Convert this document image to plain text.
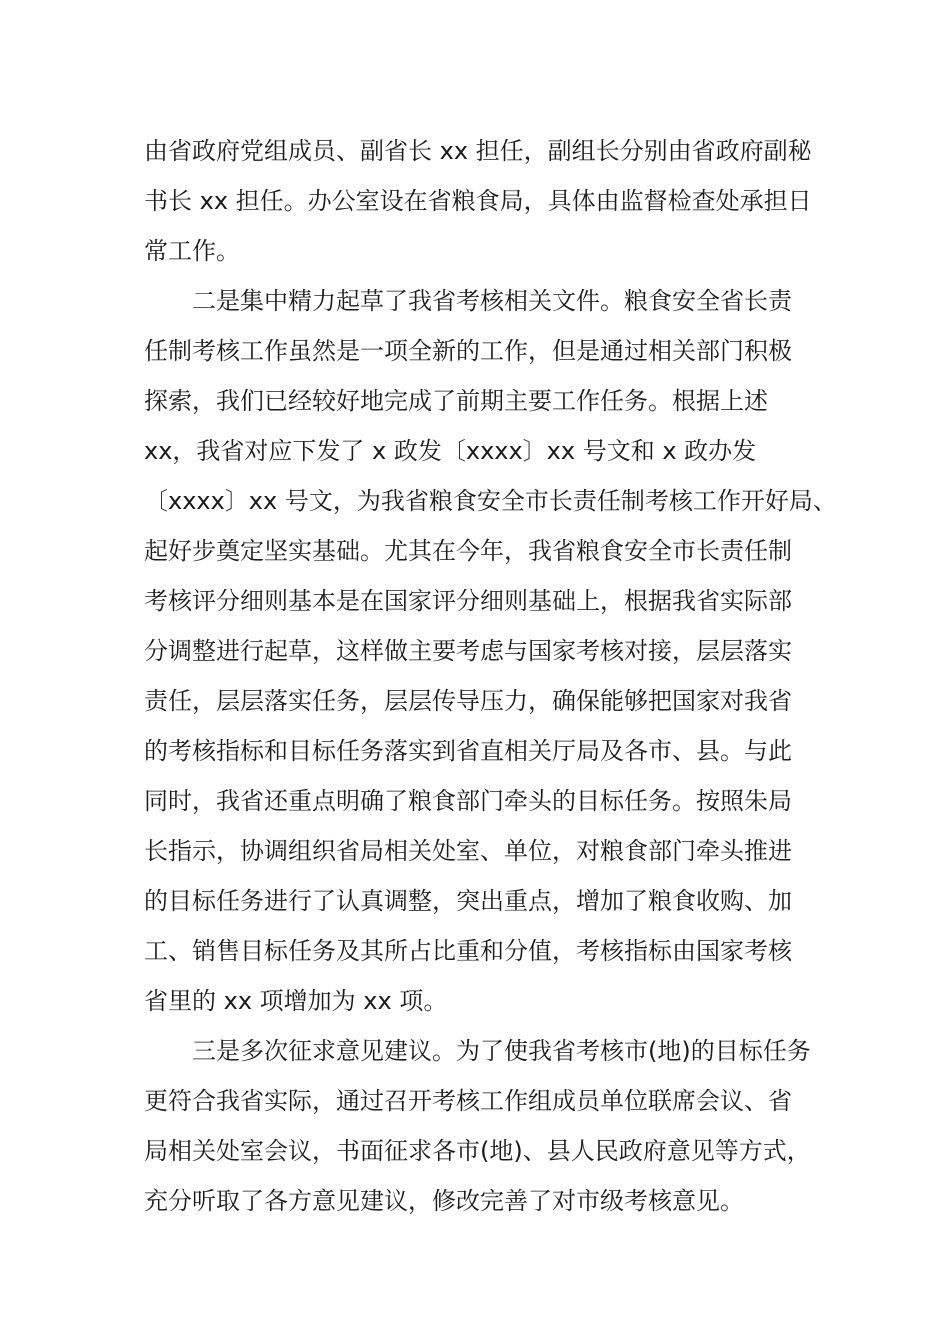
由省政府党组成员、副省长 xx 担任，副组长分别由省政府副秘

书长 xx 担任。办公室设在省粮食局，具体由监督检查处承担日

常工作。

二是集中精力起草了我省考核相关文件。粮食安全省长责

任制考核工作虽然是一项全新的工作，但是通过相关部门积极

探索，我们已经较好地完成了前期主要工作任务。根据上述

xx，我省对应下发了 x 政发〔xxxx〕xx 号文和 x 政办发

〔xxxx〕xx 号文，为我省粮食安全市长责任制考核工作开好局、

起好步奠定坚实基础。尤其在今年，我省粮食安全市长责任制

考核评分细则基本是在国家评分细则基础上，根据我省实际部

分调整进行起草，这样做主要考虑与国家考核对接，层层落实

责任，层层落实任务，层层传导压力，确保能够把国家对我省

的考核指标和目标任务落实到省直相关厅局及各市、县。与此

同时，我省还重点明确了粮食部门牵头的目标任务。按照朱局

长指示，协调组织省局相关处室、单位，对粮食部门牵头推进

的目标任务进行了认真调整，突出重点，增加了粮食收购、加

工、销售目标任务及其所占比重和分值，考核指标由国家考核

省里的 xx 项增加为 xx 项。

三是多次征求意见建议。为了使我省考核市(地)的目标任务

更符合我省实际，通过召开考核工作组成员单位联席会议、省

局相关处室会议，书面征求各市(地)、县人民政府意见等方式，

充分听取了各方意见建议，修改完善了对市级考核意见。
